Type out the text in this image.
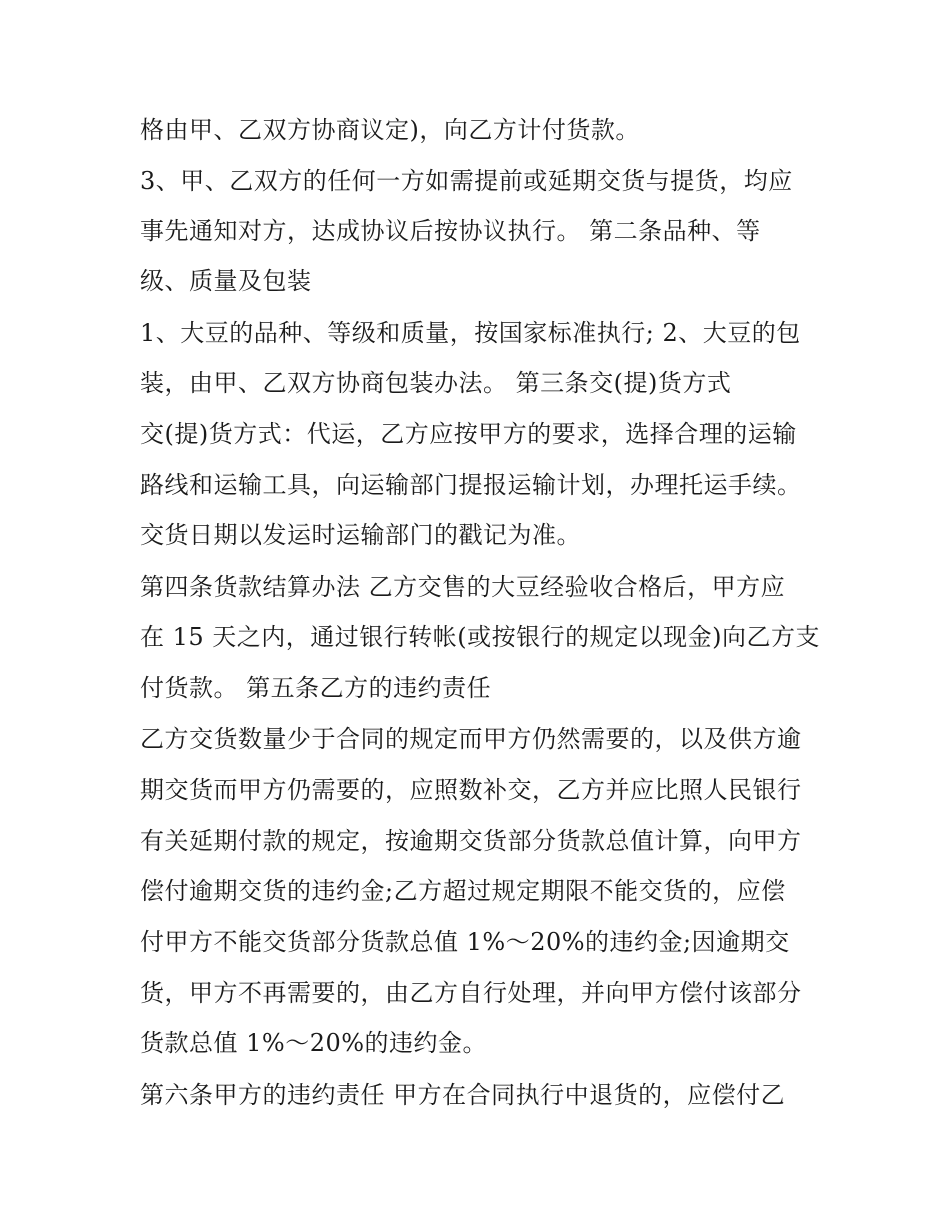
格由甲、乙双方协商议定)，向乙方计付货款。
3、甲、乙双方的任何一方如需提前或延期交货与提货，均应
事先通知对方，达成协议后按协议执行。 第二条品种、等
级、质量及包装
1、大豆的品种、等级和质量，按国家标准执行; 2、大豆的包
装，由甲、乙双方协商包装办法。 第三条交(提)货方式
交(提)货方式：代运，乙方应按甲方的要求，选择合理的运输
路线和运输工具，向运输部门提报运输计划，办理托运手续。
交货日期以发运时运输部门的戳记为准。
第四条货款结算办法 乙方交售的大豆经验收合格后，甲方应
在 15 天之内，通过银行转帐(或按银行的规定以现金)向乙方支
付货款。 第五条乙方的违约责任
乙方交货数量少于合同的规定而甲方仍然需要的，以及供方逾
期交货而甲方仍需要的，应照数补交，乙方并应比照人民银行
有关延期付款的规定，按逾期交货部分货款总值计算，向甲方
偿付逾期交货的违约金;乙方超过规定期限不能交货的，应偿
付甲方不能交货部分货款总值 1%～20%的违约金;因逾期交
货，甲方不再需要的，由乙方自行处理，并向甲方偿付该部分
货款总值 1%～20%的违约金。
第六条甲方的违约责任 甲方在合同执行中退货的，应偿付乙
